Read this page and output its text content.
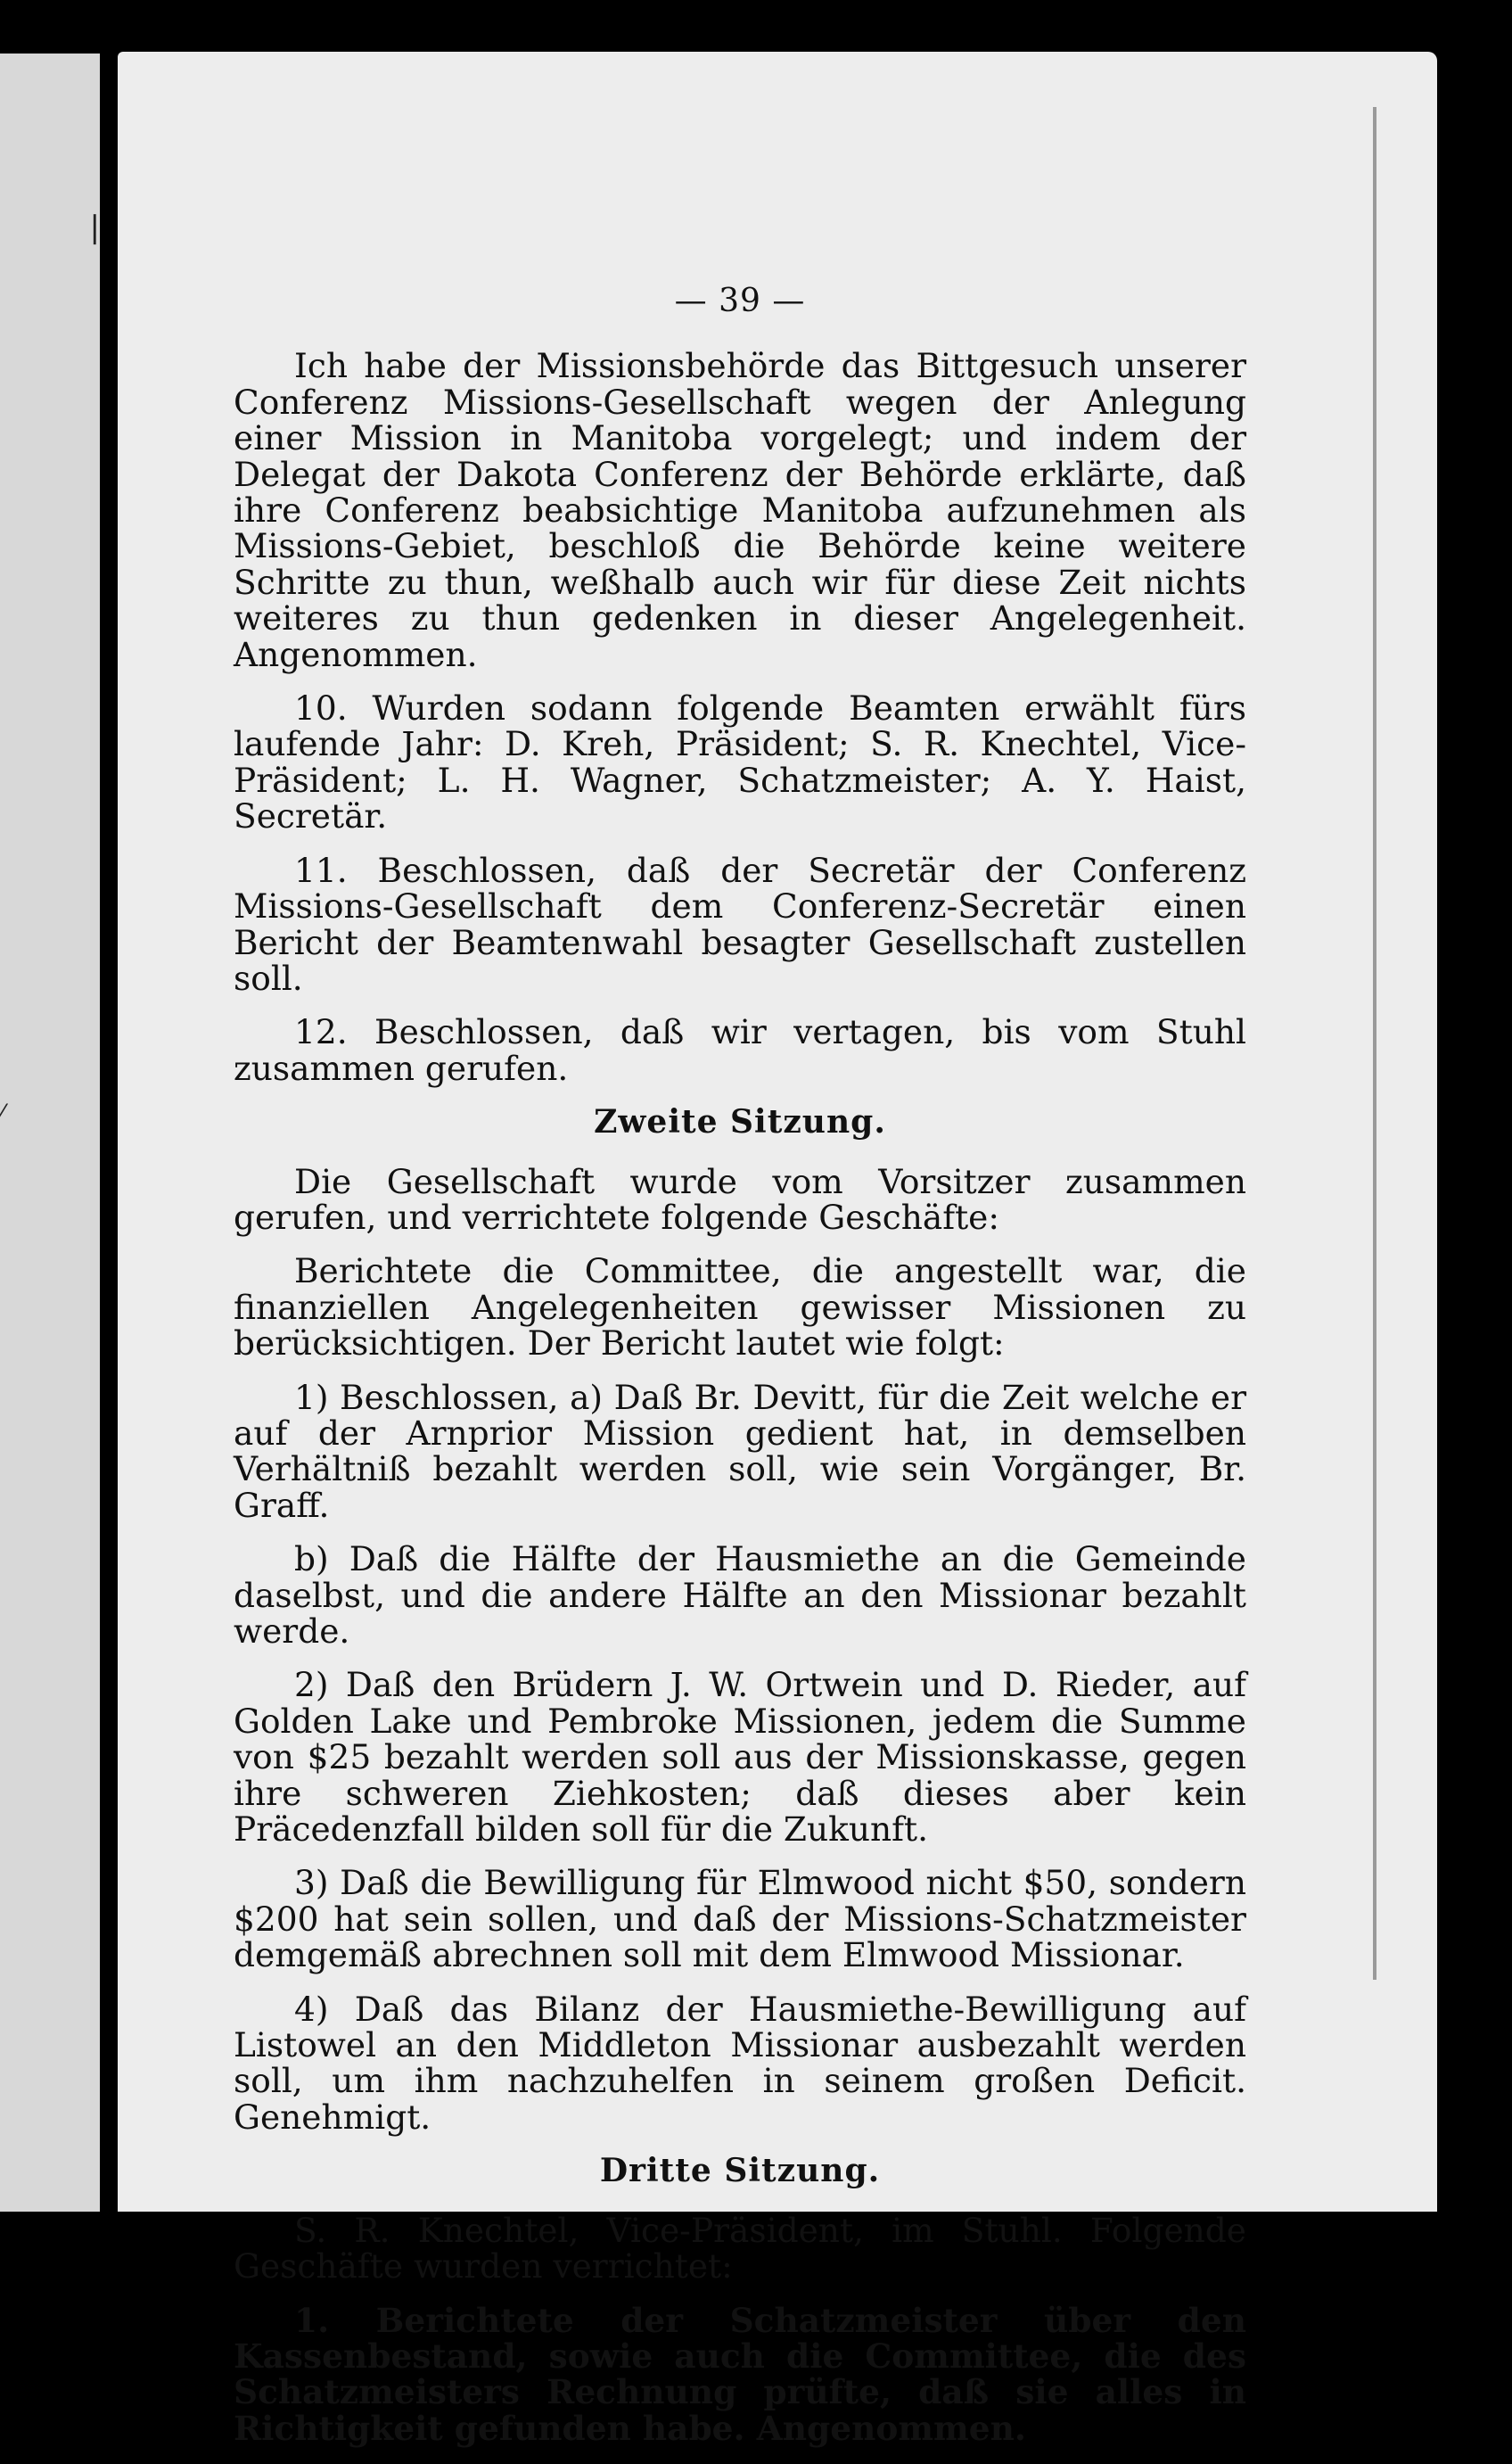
❘
⁄
— 39 —

Ich habe der Missionsbehörde das Bittgesuch unserer Conferenz Missions-Gesellschaft wegen der Anlegung einer Mission in Manitoba vorgelegt; und indem der Delegat der Dakota Conferenz der Behörde erklärte, daß ihre Conferenz beabsichtige Manitoba aufzunehmen als Missions-Gebiet, beschloß die Behörde keine weitere Schritte zu thun, weßhalb auch wir für diese Zeit nichts weiteres zu thun gedenken in dieser Angelegenheit. Angenommen.

10. Wurden sodann folgende Beamten erwählt fürs laufende Jahr: D. Kreh, Präsident; S. R. Knechtel, Vice-Präsident; L. H. Wagner, Schatzmeister; A. Y. Haist, Secretär.

11. Beschlossen, daß der Secretär der Conferenz Missions-Gesellschaft dem Conferenz-Secretär einen Bericht der Beamtenwahl besagter Gesellschaft zustellen soll.

12. Beschlossen, daß wir vertagen, bis vom Stuhl zusammen gerufen.

Zweite Sitzung.

Die Gesellschaft wurde vom Vorsitzer zusammen gerufen, und verrichtete folgende Geschäfte:

Berichtete die Committee, die angestellt war, die finanziellen Angelegenheiten gewisser Missionen zu berücksichtigen. Der Bericht lautet wie folgt:

1) Beschlossen, a) Daß Br. Devitt, für die Zeit welche er auf der Arnprior Mission gedient hat, in demselben Verhältniß bezahlt werden soll, wie sein Vorgänger, Br. Graff.

b) Daß die Hälfte der Hausmiethe an die Gemeinde daselbst, und die andere Hälfte an den Missionar bezahlt werde.

2) Daß den Brüdern J. W. Ortwein und D. Rieder, auf Golden Lake und Pembroke Missionen, jedem die Summe von $25 bezahlt werden soll aus der Missionskasse, gegen ihre schweren Ziehkosten; daß dieses aber kein Präcedenzfall bilden soll für die Zukunft.

3) Daß die Bewilligung für Elmwood nicht $50, sondern $200 hat sein sollen, und daß der Missions-Schatzmeister demgemäß abrechnen soll mit dem Elmwood Missionar.

4) Daß das Bilanz der Hausmiethe-Bewilligung auf Listowel an den Middleton Missionar ausbezahlt werden soll, um ihm nachzuhelfen in seinem großen Deficit. Genehmigt.

Dritte Sitzung.

S. R. Knechtel, Vice-Präsident, im Stuhl. Folgende Geschäfte wurden verrichtet:

1. Berichtete der Schatzmeister über den Kassenbestand, sowie auch die Committee, die des Schatzmeisters Rechnung prüfte, daß sie alles in Richtigkeit gefunden habe. Angenommen.
